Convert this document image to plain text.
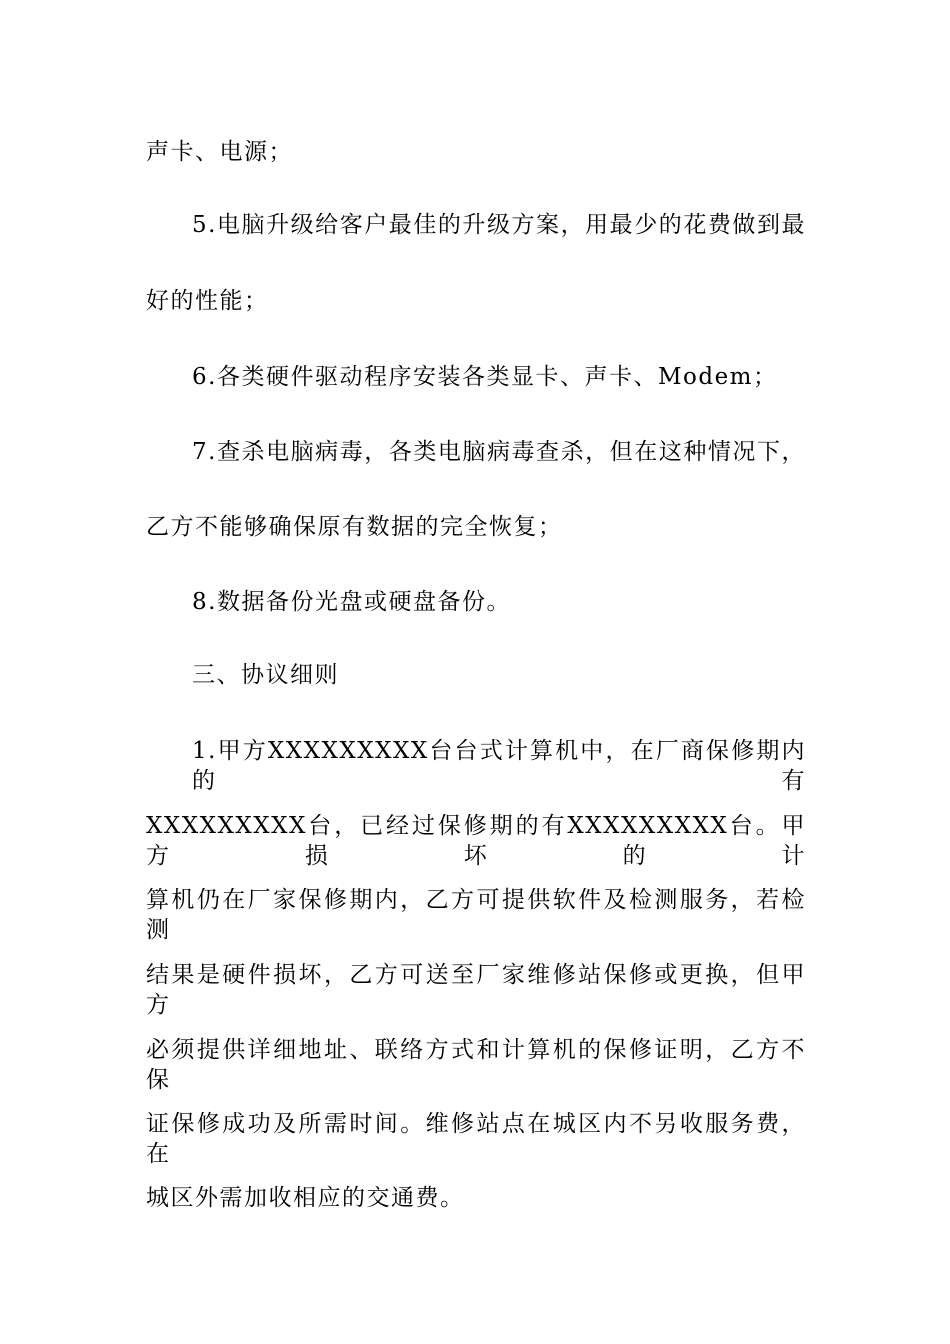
声卡、电源；
5.电脑升级给客户最佳的升级方案，用最少的花费做到最
好的性能；
6.各类硬件驱动程序安装各类显卡、声卡、Modem；
7.查杀电脑病毒，各类电脑病毒查杀，但在这种情况下，
乙方不能够确保原有数据的完全恢复；
8.数据备份光盘或硬盘备份。
三、协议细则
1.甲方XXXXXXXXX台台式计算机中，在厂商保修期内的有
XXXXXXXXX台，已经过保修期的有XXXXXXXXX台。甲方损坏的计
算机仍在厂家保修期内，乙方可提供软件及检测服务，若检测
结果是硬件损坏，乙方可送至厂家维修站保修或更换，但甲方
必须提供详细地址、联络方式和计算机的保修证明，乙方不保
证保修成功及所需时间。维修站点在城区内不另收服务费，在
城区外需加收相应的交通费。
